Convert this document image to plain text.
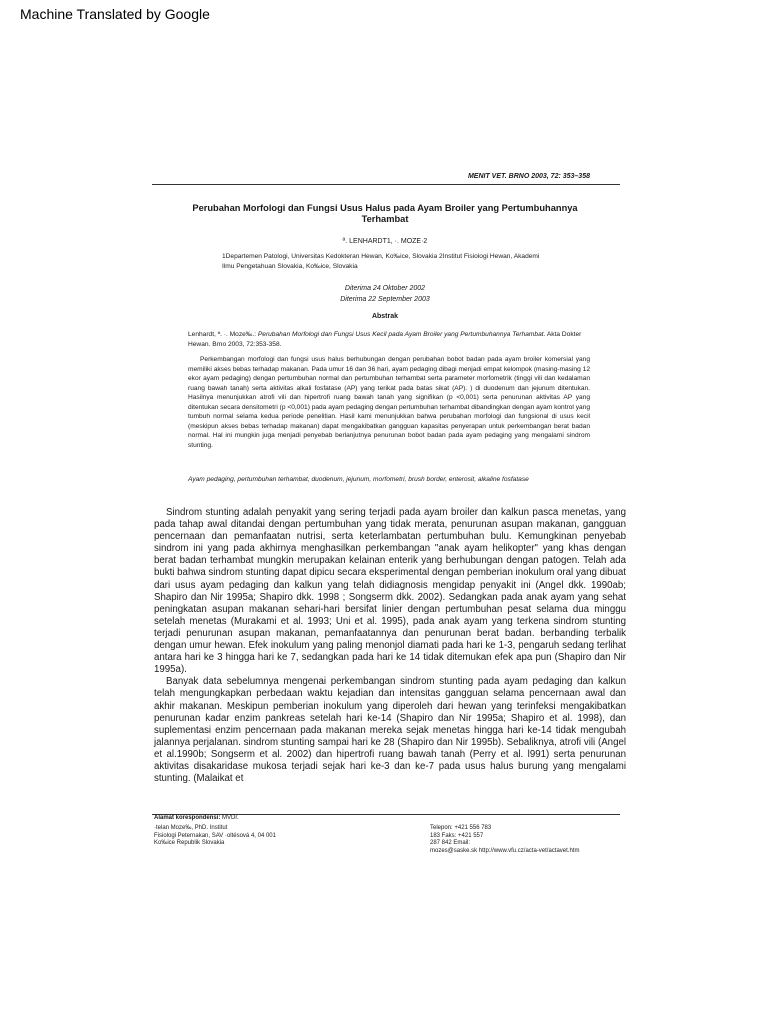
Machine Translated by Google
MENIT VET. BRNO 2003, 72: 353–358
Perubahan Morfologi dan Fungsi Usus Halus pada Ayam Broiler yang Pertumbuhannya Terhambat
ª. LENHARDT1, ·. MOZE·2
1Departemen Patologi, Universitas Kedokteran Hewan, Ko‰ice, Slovakia 2Institut Fisiologi Hewan, Akademi Ilmu Pengetahuan Slovakia, Ko‰ice, Slovakia
Diterima 24 Oktober 2002
Diterima 22 September 2003
Abstrak
Lenhardt, ª. ·. Moze‰.: Perubahan Morfologi dan Fungsi Usus Kecil pada Ayam Broiler yang Pertumbuhannya Terhambat. Akta Dokter Hewan. Brno 2003, 72:353-358.
Perkembangan morfologi dan fungsi usus halus berhubungan dengan perubahan bobot badan pada ayam broiler komersial yang memiliki akses bebas terhadap makanan. Pada umur 16 dan 36 hari, ayam pedaging dibagi menjadi empat kelompok (masing-masing 12 ekor ayam pedaging) dengan pertumbuhan normal dan pertumbuhan terhambat serta parameter morfometrik (tinggi vili dan kedalaman ruang bawah tanah) serta aktivitas alkali fosfatase (AP) yang terikat pada batas sikat (AP). ) di duodenum dan jejunum ditentukan. Hasilnya menunjukkan atrofi vili dan hipertrofi ruang bawah tanah yang signifikan (p <0,001) serta penurunan aktivitas AP yang ditentukan secara densitometri (p <0,001) pada ayam pedaging dengan pertumbuhan terhambat dibandingkan dengan ayam kontrol yang tumbuh normal selama kedua periode penelitian. Hasil kami menunjukkan bahwa perubahan morfologi dan fungsional di usus kecil (meskipun akses bebas terhadap makanan) dapat mengakibatkan gangguan kapasitas penyerapan untuk perkembangan berat badan normal. Hal ini mungkin juga menjadi penyebab berlanjutnya penurunan bobot badan pada ayam pedaging yang mengalami sindrom stunting.
Ayam pedaging, pertumbuhan terhambat, duodenum, jejunum, morfometri, brush border, enterosit, alkaline fosfatase

Sindrom stunting adalah penyakit yang sering terjadi pada ayam broiler dan kalkun pasca menetas, yang pada tahap awal ditandai dengan pertumbuhan yang tidak merata, penurunan asupan makanan, gangguan pencernaan dan pemanfaatan nutrisi, serta keterlambatan pertumbuhan bulu. Kemungkinan penyebab sindrom ini yang pada akhirnya menghasilkan perkembangan "anak ayam helikopter" yang khas dengan berat badan terhambat mungkin merupakan kelainan enterik yang berhubungan dengan patogen. Telah ada bukti bahwa sindrom stunting dapat dipicu secara eksperimental dengan pemberian inokulum oral yang dibuat dari usus ayam pedaging dan kalkun yang telah didiagnosis mengidap penyakit ini (Angel dkk. 1990ab; Shapiro dan Nir 1995a; Shapiro dkk. 1998 ; Songserm dkk. 2002). Sedangkan pada anak ayam yang sehat peningkatan asupan makanan sehari-hari bersifat linier dengan pertumbuhan pesat selama dua minggu setelah menetas (Murakami et al. 1993; Uni et al. 1995), pada anak ayam yang terkena sindrom stunting terjadi penurunan asupan makanan, pemanfaatannya dan penurunan berat badan. berbanding terbalik dengan umur hewan. Efek inokulum yang paling menonjol diamati pada hari ke 1-3, pengaruh sedang terlihat antara hari ke 3 hingga hari ke 7, sedangkan pada hari ke 14 tidak ditemukan efek apa pun (Shapiro dan Nir 1995a).

Banyak data sebelumnya mengenai perkembangan sindrom stunting pada ayam pedaging dan kalkun telah mengungkapkan perbedaan waktu kejadian dan intensitas gangguan selama pencernaan awal dan akhir makanan. Meskipun pemberian inokulum yang diperoleh dari hewan yang terinfeksi mengakibatkan penurunan kadar enzim pankreas setelah hari ke-14 (Shapiro dan Nir 1995a; Shapiro et al. 1998), dan suplementasi enzim pencernaan pada makanan mereka sejak menetas hingga hari ke-14 tidak mengubah jalannya perjalanan. sindrom stunting sampai hari ke 28 (Shapiro dan Nir 1995b). Sebaliknya, atrofi vili (Angel et al.1990b; Songserm et al. 2002) dan hipertrofi ruang bawah tanah (Perry et al. l991) serta penurunan aktivitas disakaridase mukosa terjadi sejak hari ke-3 dan ke-7 pada usus halus burung yang mengalami stunting. (Malaikat et

Alamat korespondensi: MVDr.
·telan Moze‰, PhD. Institut
Fisiologi Peternakan, SAV ·oltésová 4, 04 001
Ko‰ice Republik Slovakia
Telepon: +421 556 783
183 Faks: +421 557
287 842 Email:
mozes@saske.sk http://www.vfu.cz/acta-vet/actavet.htm
